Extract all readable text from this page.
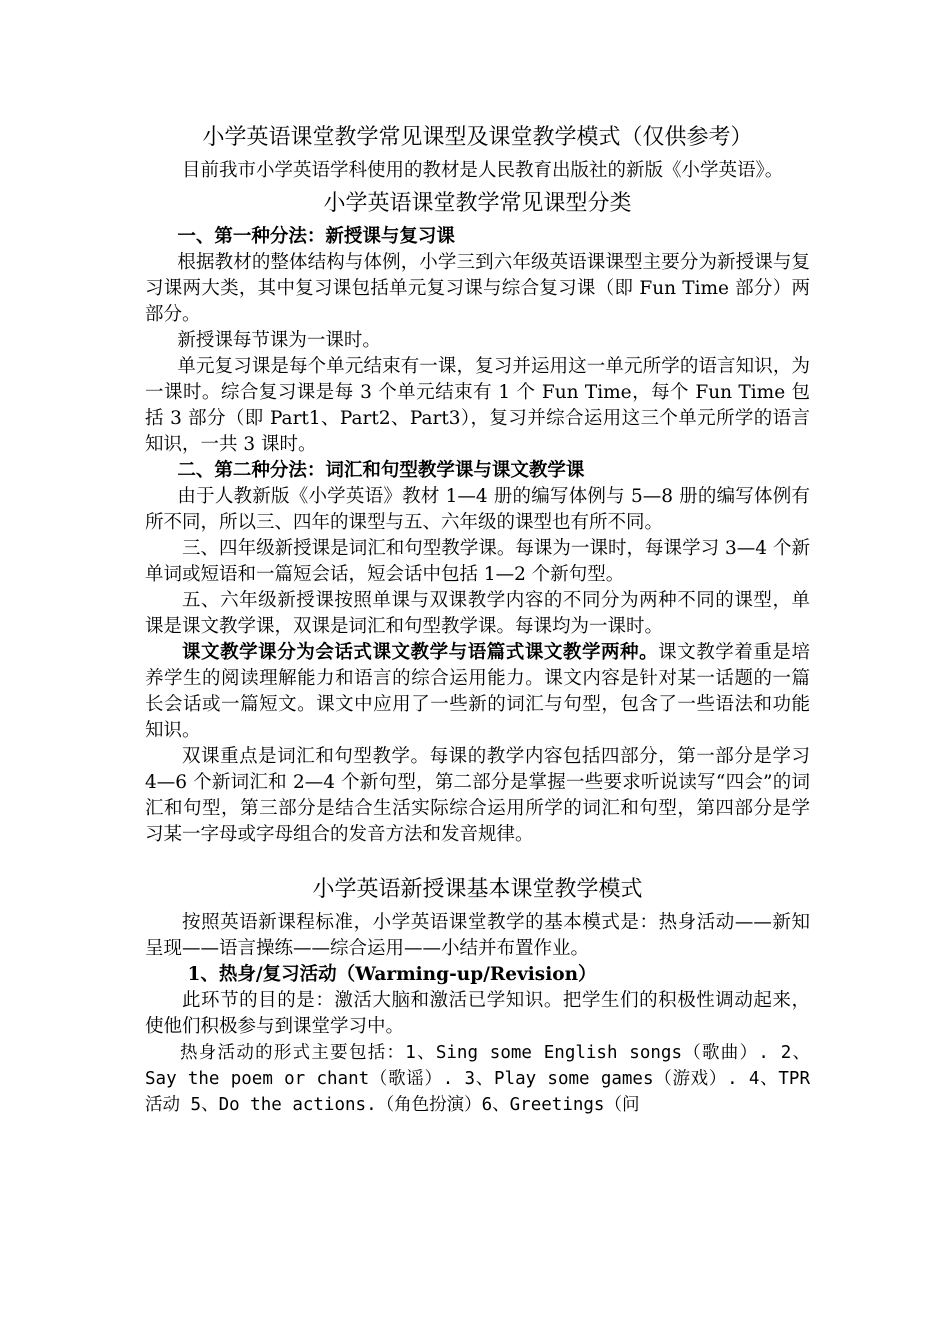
小学英语课堂教学常见课型及课堂教学模式（仅供参考）

目前我市小学英语学科使用的教材是人民教育出版社的新版《小学英语》。

小学英语课堂教学常见课型分类

一、第一种分法：新授课与复习课

根据教材的整体结构与体例，小学三到六年级英语课课型主要分为新授课与复习课两大类，其中复习课包括单元复习课与综合复习课（即 Fun Time 部分）两部分。

新授课每节课为一课时。

单元复习课是每个单元结束有一课，复习并运用这一单元所学的语言知识，为一课时。综合复习课是每 3 个单元结束有 1 个 Fun Time，每个 Fun Time 包括 3 部分（即 Part1、Part2、Part3），复习并综合运用这三个单元所学的语言知识，一共 3 课时。

二、第二种分法：词汇和句型教学课与课文教学课

由于人教新版《小学英语》教材 1—4 册的编写体例与 5—8 册的编写体例有所不同，所以三、四年的课型与五、六年级的课型也有所不同。

三、四年级新授课是词汇和句型教学课。每课为一课时，每课学习 3—4 个新单词或短语和一篇短会话，短会话中包括 1—2 个新句型。

五、六年级新授课按照单课与双课教学内容的不同分为两种不同的课型，单课是课文教学课，双课是词汇和句型教学课。每课均为一课时。

课文教学课分为会话式课文教学与语篇式课文教学两种。课文教学着重是培养学生的阅读理解能力和语言的综合运用能力。课文内容是针对某一话题的一篇长会话或一篇短文。课文中应用了一些新的词汇与句型，包含了一些语法和功能知识。

双课重点是词汇和句型教学。每课的教学内容包括四部分，第一部分是学习 4—6 个新词汇和 2—4 个新句型，第二部分是掌握一些要求听说读写“四会”的词汇和句型，第三部分是结合生活实际综合运用所学的词汇和句型，第四部分是学习某一字母或字母组合的发音方法和发音规律。

小学英语新授课基本课堂教学模式

按照英语新课程标准，小学英语课堂教学的基本模式是：热身活动——新知呈现——语言操练——综合运用——小结并布置作业。

1、热身/复习活动（Warming-up/Revision）

此环节的目的是：激活大脑和激活已学知识。把学生们的积极性调动起来，使他们积极参与到课堂学习中。

热身活动的形式主要包括：1、Sing some English songs（歌曲）. 2、Say the poem or chant（歌谣）. 3、Play some games（游戏）. 4、TPR 活动 5、Do the actions.（角色扮演）6、Greetings（问
